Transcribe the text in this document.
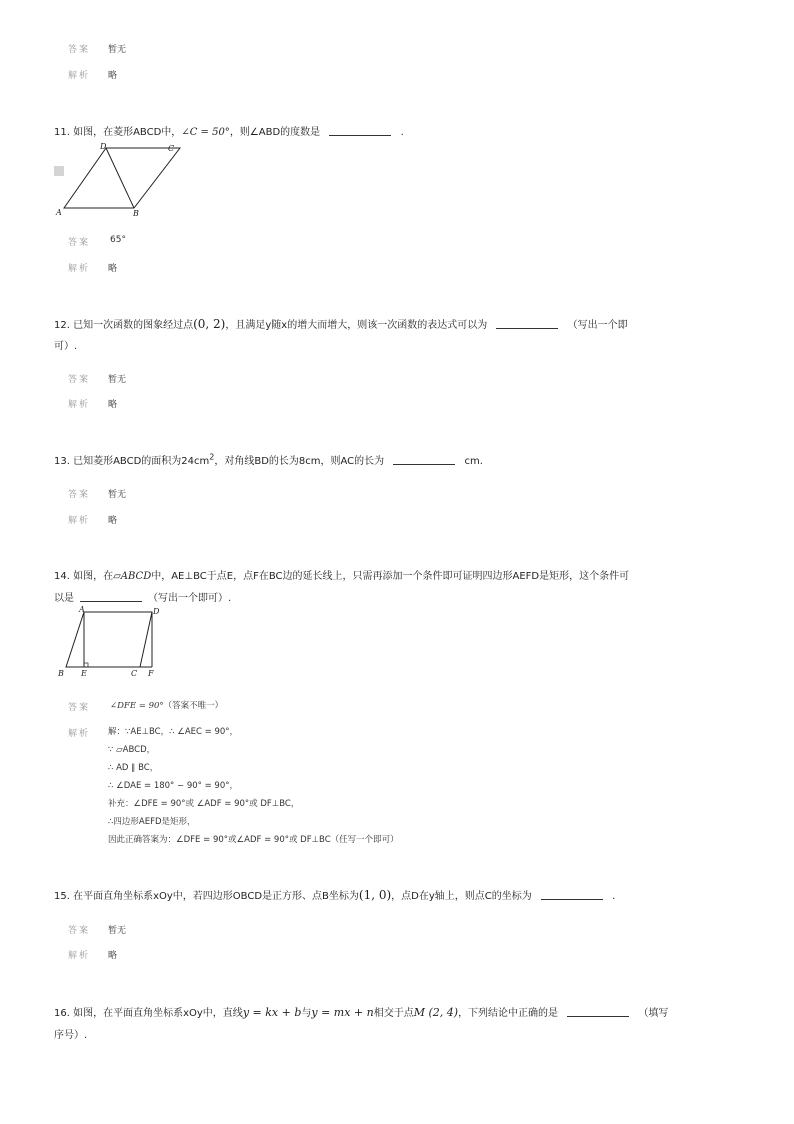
答案 暂无
解析 略
11. 如图，在菱形ABCD中，∠C = 50°，则∠ABD的度数是	.
A	B
C
D
答案 65°
解析 略
12. 已知一次函数的图象经过点(0, 2)，且满足y随x的增大而增大，则该一次函数的表达式可以为	（写出一个即
可）.
答案 暂无
解析 略
13. 已知菱形ABCD的面积为$24cm^2$，对角线BD的长为8cm，则AC的长为	cm.
答案 暂无
解析 略
14. 如图，在▱ABCD中，AE⊥BC于点E，点F在BC边的延长线上，只需再添加一个条件即可证明四边形AEFD是矩形，这个条件可
以是	（写出一个即可）.
A	D
B E	C F
答案 ∠DFE = 90°（答案不唯一）
解析 解：∵AE⊥BC，∴ ∠AEC = 90°，
∵ ▱ABCD，
∴ AD ∥ BC，
∴ ∠DAE = 180° − 90° = 90°，
补充：∠DFE = 90°或 ∠ADF = 90°或 DF⊥BC，
∴四边形AEFD是矩形，
因此正确答案为：∠DFE = 90°或∠ADF = 90°或 DF⊥BC（任写一个即可）
15. 在平面直角坐标系xOy中，若四边形OBCD是正方形、点B坐标为(1, 0)，点D在y轴上，则点C的坐标为	.
答案 暂无
解析 略
16. 如图，在平面直角坐标系xOy中，直线y = kx + b与y = mx + n相交于点M (2, 4)，下列结论中正确的是	（填写
序号）.
